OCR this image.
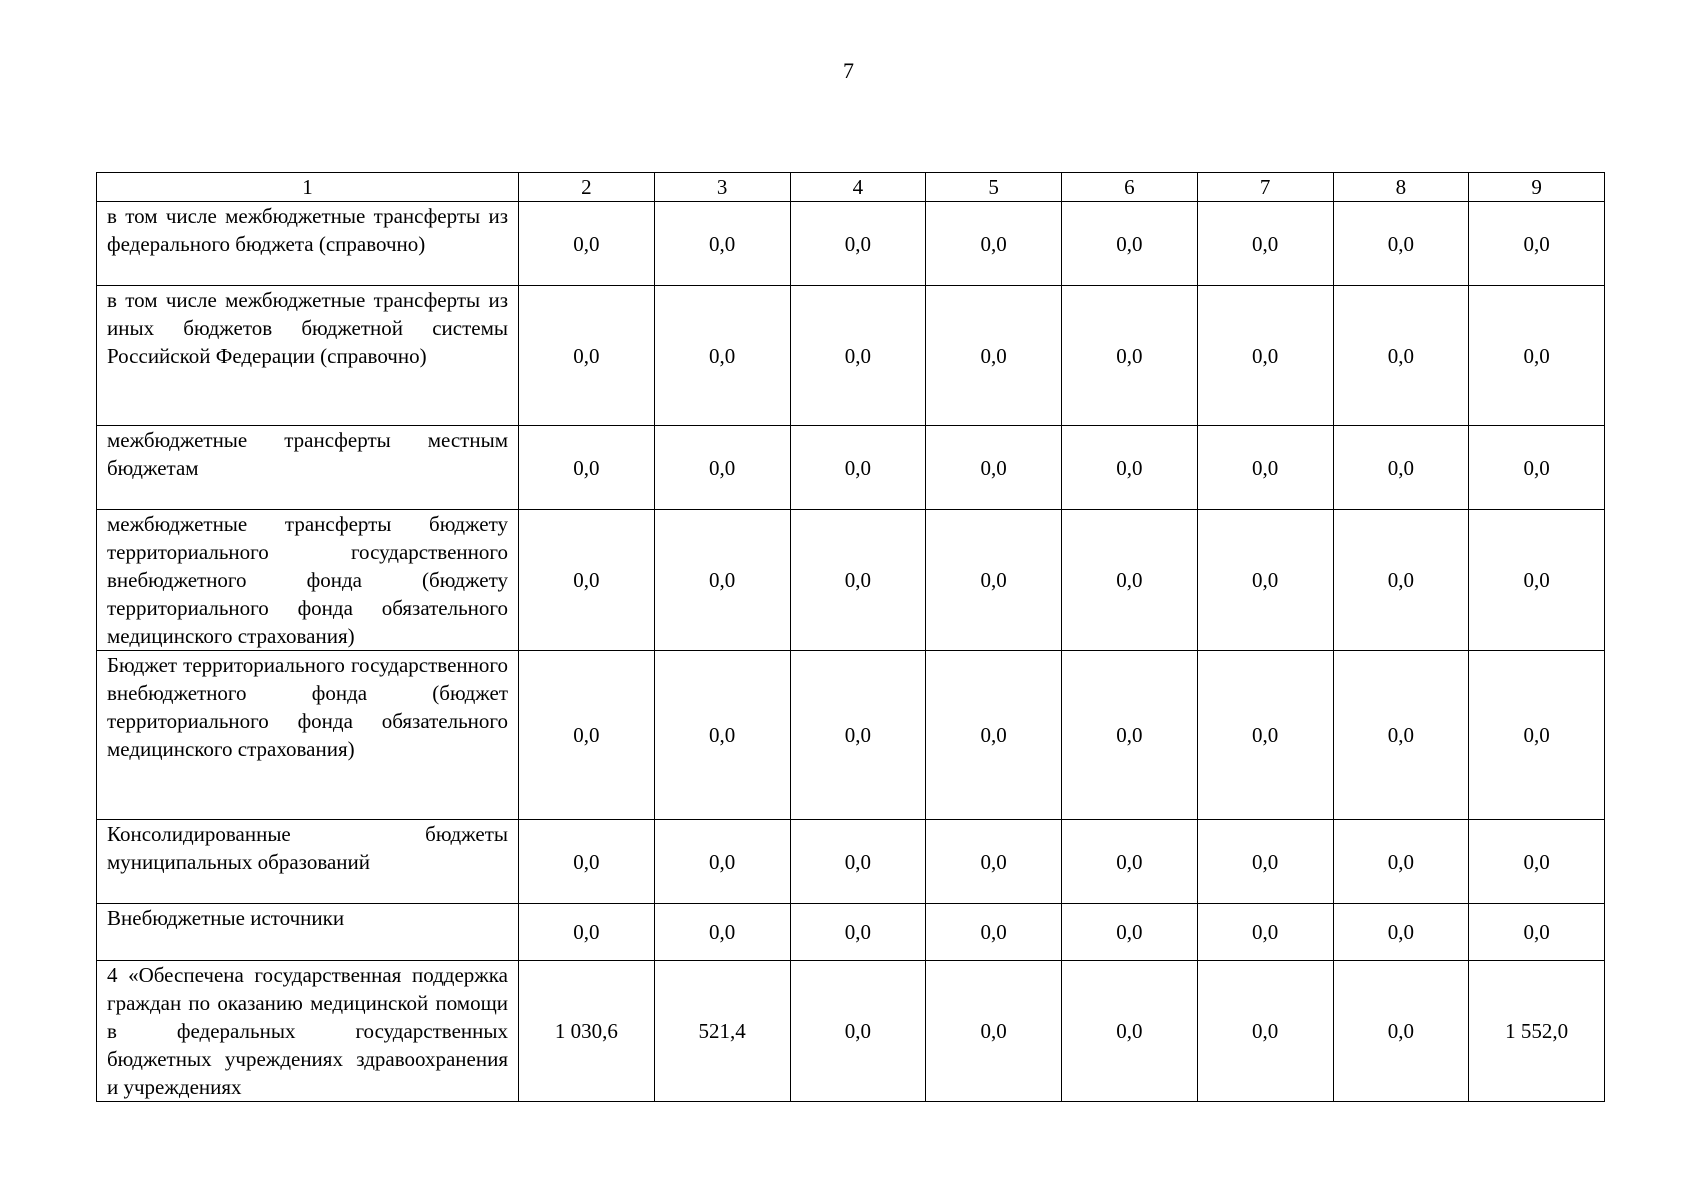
7
1	2	3	4	5	6	7	8	9
в том числе межбюджетные трансферты из федерального бюджета (справочно)	0,0	0,0	0,0	0,0	0,0	0,0	0,0	0,0
в том числе межбюджетные трансферты из иных бюджетов бюджетной системы Российской Федерации (справочно)	0,0	0,0	0,0	0,0	0,0	0,0	0,0	0,0
межбюджетные трансферты местным бюджетам	0,0	0,0	0,0	0,0	0,0	0,0	0,0	0,0
межбюджетные трансферты бюджету территориального государственного внебюджетного фонда (бюджету территориального фонда обязательного медицинского страхования)	0,0	0,0	0,0	0,0	0,0	0,0	0,0	0,0
Бюджет территориального государственного внебюджетного фонда (бюджет территориального фонда обязательного медицинского страхования)	0,0	0,0	0,0	0,0	0,0	0,0	0,0	0,0
Консолидированные бюджеты муниципальных образований	0,0	0,0	0,0	0,0	0,0	0,0	0,0	0,0
Внебюджетные источники	0,0	0,0	0,0	0,0	0,0	0,0	0,0	0,0
4 «Обеспечена государственная поддержка граждан по оказанию медицинской помощи в федеральных государственных бюджетных учреждениях здравоохранения и учреждениях	1 030,6	521,4	0,0	0,0	0,0	0,0	0,0	1 552,0
